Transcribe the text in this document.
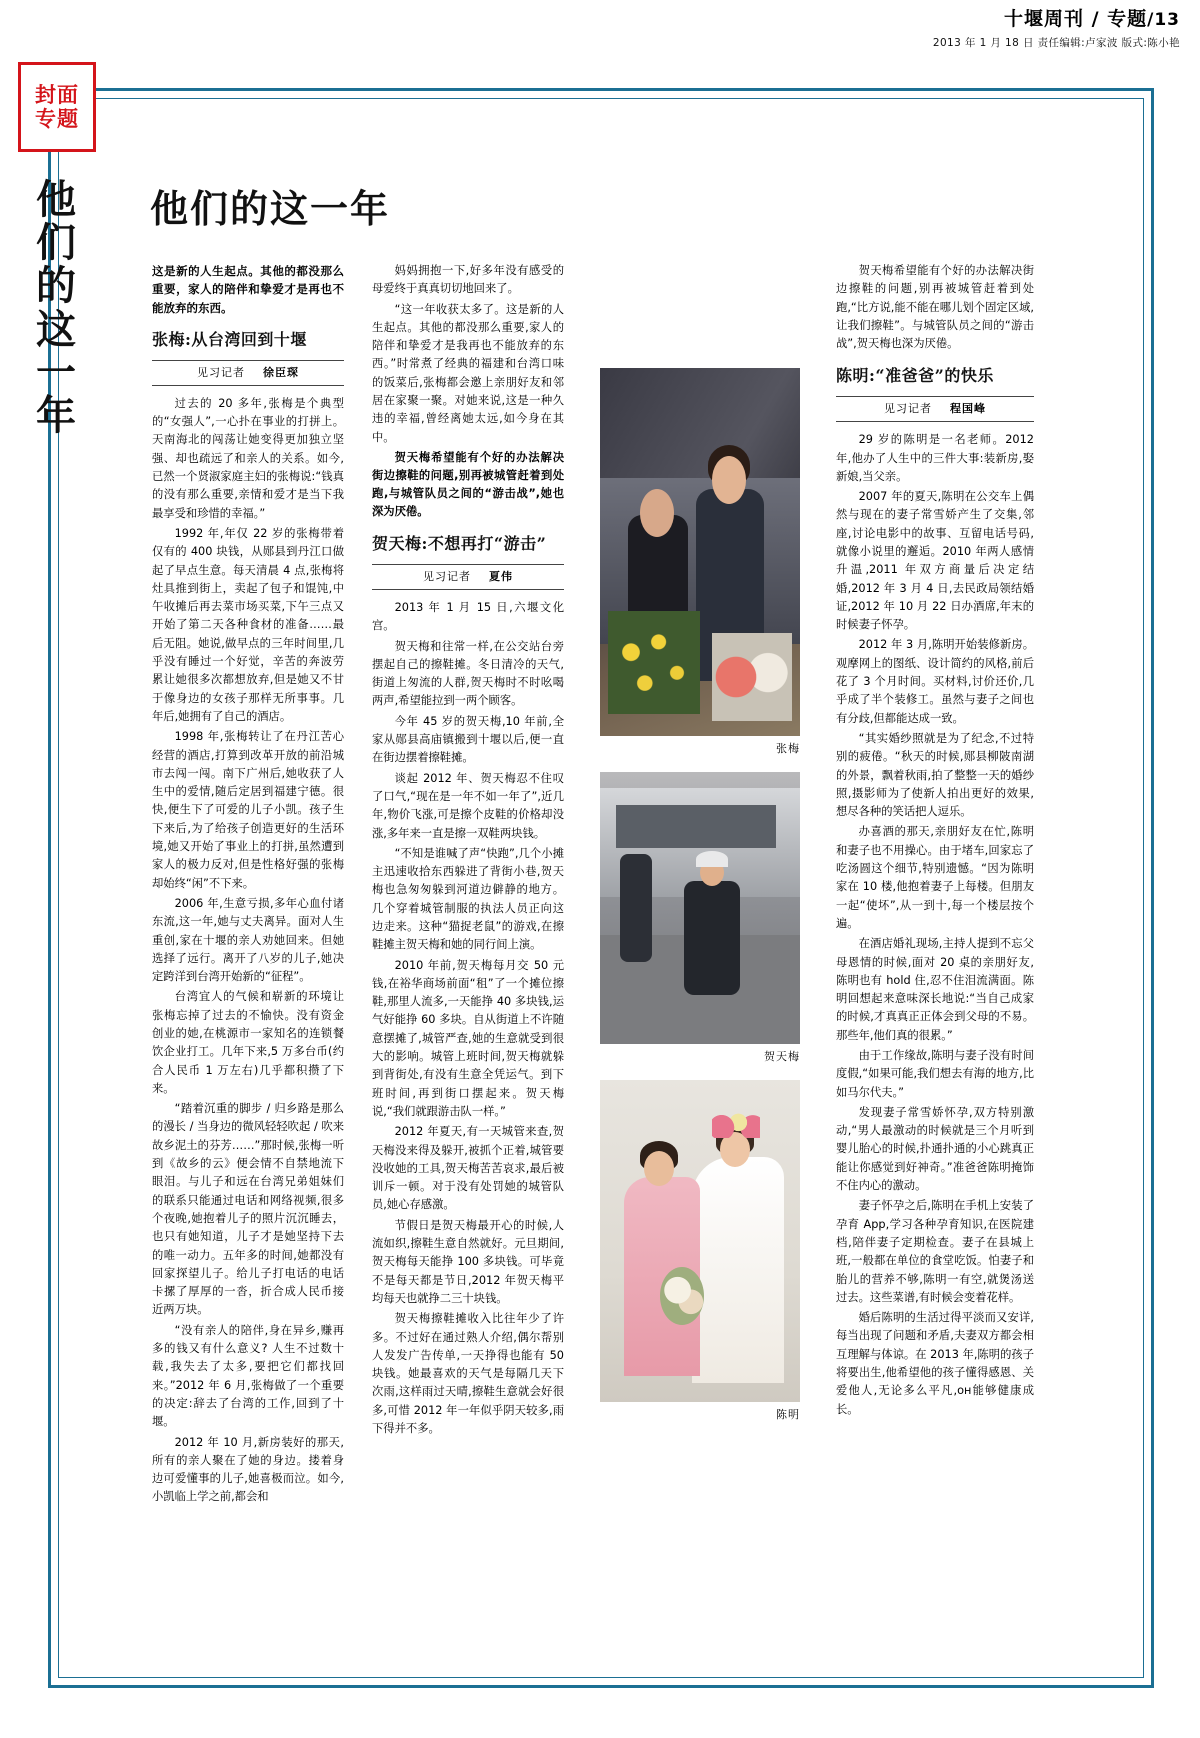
十堰周刊 / 专题/13
2013 年 1 月 18 日 责任编辑:卢家波 版式:陈小艳
封面
专题
他
们
的
这
一
年
他们的这一年

这是新的人生起点。其他的都没那么重要，家人的陪伴和挚爱才是再也不能放弃的东西。

张梅:从台湾回到十堰
见习记者 徐臣琛

过去的 20 多年,张梅是个典型的“女强人”,一心扑在事业的打拼上。天南海北的闯荡让她变得更加独立坚强、却也疏远了和亲人的关系。如今,已然一个贤淑家庭主妇的张梅说:“钱真的没有那么重要,亲情和爱才是当下我最享受和珍惜的幸福。”

1992 年,年仅 22 岁的张梅带着仅有的 400 块钱，从郧县到丹江口做起了早点生意。每天清晨 4 点,张梅将灶具推到街上，卖起了包子和馄饨,中午收摊后再去菜市场买菜,下午三点又开始了第二天各种食材的准备……最后无阻。她说,做早点的三年时间里,几乎没有睡过一个好觉，辛苦的奔波劳累让她很多次都想放弃,但是她又不甘于像身边的女孩子那样无所事事。几年后,她拥有了自己的酒店。

1998 年,张梅转让了在丹江苦心经营的酒店,打算到改革开放的前沿城市去闯一闯。南下广州后,她收获了人生中的爱情,随后定居到福建宁德。很快,便生下了可爱的儿子小凯。孩子生下来后,为了给孩子创造更好的生活环境,她又开始了事业上的打拼,虽然遭到家人的极力反对,但是性格好强的张梅却始终“闲”不下来。

2006 年,生意亏损,多年心血付诸东流,这一年,她与丈夫离异。面对人生重创,家在十堰的亲人劝她回来。但她选择了远行。离开了八岁的儿子,她决定跨洋到台湾开始新的“征程”。

台湾宜人的气候和崭新的环境让张梅忘掉了过去的不愉快。没有资金创业的她,在桃源市一家知名的连锁餐饮企业打工。几年下来,5 万多台币(约合人民币 1 万左右)几乎都积攒了下来。

“踏着沉重的脚步 / 归乡路是那么的漫长 / 当身边的微风轻轻吹起 / 吹来故乡泥土的芬芳……”那时候,张梅一听到《故乡的云》便会情不自禁地流下眼泪。与儿子和远在台湾兄弟姐妹们的联系只能通过电话和网络视频,很多个夜晚,她抱着儿子的照片沉沉睡去，也只有她知道，儿子才是她坚持下去的唯一动力。五年多的时间,她都没有回家探望儿子。给儿子打电话的电话卡摞了厚厚的一沓，折合成人民币接近两万块。

“没有亲人的陪伴,身在异乡,赚再多的钱又有什么意义? 人生不过数十载,我失去了太多,要把它们都找回来。”2012 年 6 月,张梅做了一个重要的决定:辞去了台湾的工作,回到了十堰。

2012 年 10 月,新房装好的那天,所有的亲人聚在了她的身边。搂着身边可爱懂事的儿子,她喜极而泣。如今,小凯临上学之前,都会和

妈妈拥抱一下,好多年没有感受的母爱终于真真切切地回来了。

“这一年收获太多了。这是新的人生起点。其他的都没那么重要,家人的陪伴和挚爱才是我再也不能放弃的东西。”时常煮了经典的福建和台湾口味的饭菜后,张梅都会邀上亲朋好友和邻居在家聚一聚。对她来说,这是一种久违的幸福,曾经离她太远,如今身在其中。

贺天梅希望能有个好的办法解决街边擦鞋的问题,别再被城管赶着到处跑,与城管队员之间的“游击战”,她也深为厌倦。

贺天梅:不想再打“游击”
见习记者 夏伟

2013 年 1 月 15 日,六堰文化宫。

贺天梅和往常一样,在公交站台旁摆起自己的擦鞋摊。冬日清冷的天气,街道上匆流的人群,贺天梅时不时吆喝两声,希望能拉到一两个顾客。

今年 45 岁的贺天梅,10 年前,全家从郧县高庙镇搬到十堰以后,便一直在街边摆着擦鞋摊。

谈起 2012 年、贺天梅忍不住叹了口气,“现在是一年不如一年了”,近几年,物价飞涨,可是擦个皮鞋的价格却没涨,多年来一直是擦一双鞋两块钱。

“不知是谁喊了声“快跑”,几个小摊主迅速收拾东西躲进了背街小巷,贺天梅也急匆匆躲到河道边僻静的地方。几个穿着城管制服的执法人员正向这边走来。这种“猫捉老鼠”的游戏,在擦鞋摊主贺天梅和她的同行间上演。

2010 年前,贺天梅每月交 50 元钱,在裕华商场前面“租”了一个摊位擦鞋,那里人流多,一天能挣 40 多块钱,运气好能挣 60 多块。自从街道上不许随意摆摊了,城管严查,她的生意就受到很大的影响。城管上班时间,贺天梅就躲到背街处,有没有生意全凭运气。到下班时间,再到街口摆起来。贺天梅说,“我们就跟游击队一样。”

2012 年夏天,有一天城管来查,贺天梅没来得及躲开,被抓个正着,城管要没收她的工具,贺天梅苦苦哀求,最后被训斥一顿。对于没有处罚她的城管队员,她心存感激。

节假日是贺天梅最开心的时候,人流如织,擦鞋生意自然就好。元旦期间,贺天梅每天能挣 100 多块钱。可毕竟不是每天都是节日,2012 年贺天梅平均每天也就挣二三十块钱。

贺天梅擦鞋摊收入比往年少了许多。不过好在通过熟人介绍,偶尔帮别人发发广告传单,一天挣得也能有 50 块钱。她最喜欢的天气是每隔几天下次雨,这样雨过天晴,擦鞋生意就会好很多,可惜 2012 年一年似乎阴天较多,雨下得并不多。

张梅
贺天梅
陈明

贺天梅希望能有个好的办法解决街边擦鞋的问题,别再被城管赶着到处跑,“比方说,能不能在哪儿划个固定区域,让我们擦鞋”。与城管队员之间的“游击战”,贺天梅也深为厌倦。

陈明:“准爸爸”的快乐
见习记者 程国峰

29 岁的陈明是一名老师。2012 年,他办了人生中的三件大事:装新房,娶新娘,当父亲。

2007 年的夏天,陈明在公交车上偶然与现在的妻子常雪娇产生了交集,邻座,讨论电影中的故事、互留电话号码,就像小说里的邂逅。2010 年两人感情升温,2011 年双方商量后决定结婚,2012 年 3 月 4 日,去民政局领结婚证,2012 年 10 月 22 日办酒席,年末的时候妻子怀孕。

2012 年 3 月,陈明开始装修新房。观摩网上的图纸、设计简约的风格,前后花了 3 个月时间。买材料,讨价还价,几乎成了半个装修工。虽然与妻子之间也有分歧,但都能达成一致。

“其实婚纱照就是为了纪念,不过特别的疲倦。“秋天的时候,郧县柳陂南湖的外景，飘着秋雨,拍了整整一天的婚纱照,摄影师为了使新人拍出更好的效果,想尽各种的笑话把人逗乐。

办喜酒的那天,亲朋好友在忙,陈明和妻子也不用操心。由于堵车,回家忘了吃汤圆这个细节,特别遗憾。“因为陈明家在 10 楼,他抱着妻子上每楼。但朋友一起“使坏”,从一到十,每一个楼层按个遍。

在酒店婚礼现场,主持人提到不忘父母恩情的时候,面对 20 桌的亲朋好友,陈明也有 hold 住,忍不住泪流满面。陈明回想起来意味深长地说:“当自己成家的时候,才真真正正体会到父母的不易。那些年,他们真的很累。”

由于工作缘故,陈明与妻子没有时间度假,“如果可能,我们想去有海的地方,比如马尔代夫。”

发现妻子常雪娇怀孕,双方特别激动,“男人最激动的时候就是三个月听到婴儿胎心的时候,扑通扑通的小心跳真正能让你感觉到好神奇。”准爸爸陈明掩饰不住内心的激动。

妻子怀孕之后,陈明在手机上安装了孕育 App,学习各种孕育知识,在医院建档,陪伴妻子定期检查。妻子在县城上班,一般都在单位的食堂吃饭。怕妻子和胎儿的营养不够,陈明一有空,就煲汤送过去。这些菜谱,有时候会变着花样。

婚后陈明的生活过得平淡而又安详,每当出现了问题和矛盾,夫妻双方都会相互理解与体谅。在 2013 年,陈明的孩子将要出生,他希望他的孩子懂得感恩、关爱他人,无论多么平凡,он能够健康成长。
